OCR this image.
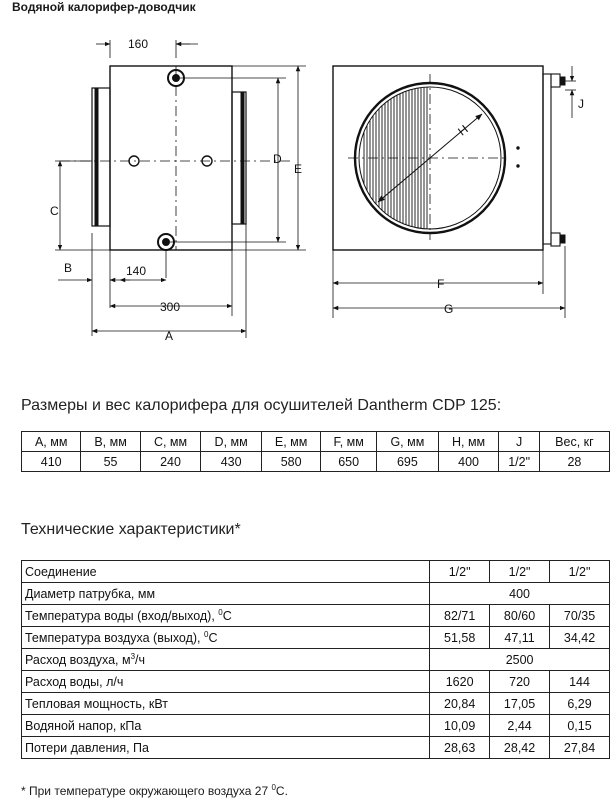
Водяной калорифер-доводчик
160
C
B	140
300
A
D
E
H
F
G
J
Размеры и вес калорифера для осушителей Dantherm CDP 125:
A, мм	B, мм	C, мм	D, мм	E, мм	F, мм	G, мм	H, мм	J	Вес, кг
410	55	240	430	580	650	695	400	1/2"	28
Технические характеристики*
Соединение	1/2"	1/2"	1/2"
Диаметр патрубка, мм	400		
Температура воды (вход/выход), $^0$С	82/71	80/60	70/35
Температура воздуха (выход), $^0$С	51,58	47,11	34,42
Расход воздуха, $м^3/ч$	2500		
Расход воды, л/ч	1620	720	144
Тепловая мощность, кВт	20,84	17,05	6,29
Водяной напор, кПа	10,09	2,44	0,15
Потери давления, Па	28,63	28,42	27,84
* При температуре окружающего воздуха 27 $^0$С.
